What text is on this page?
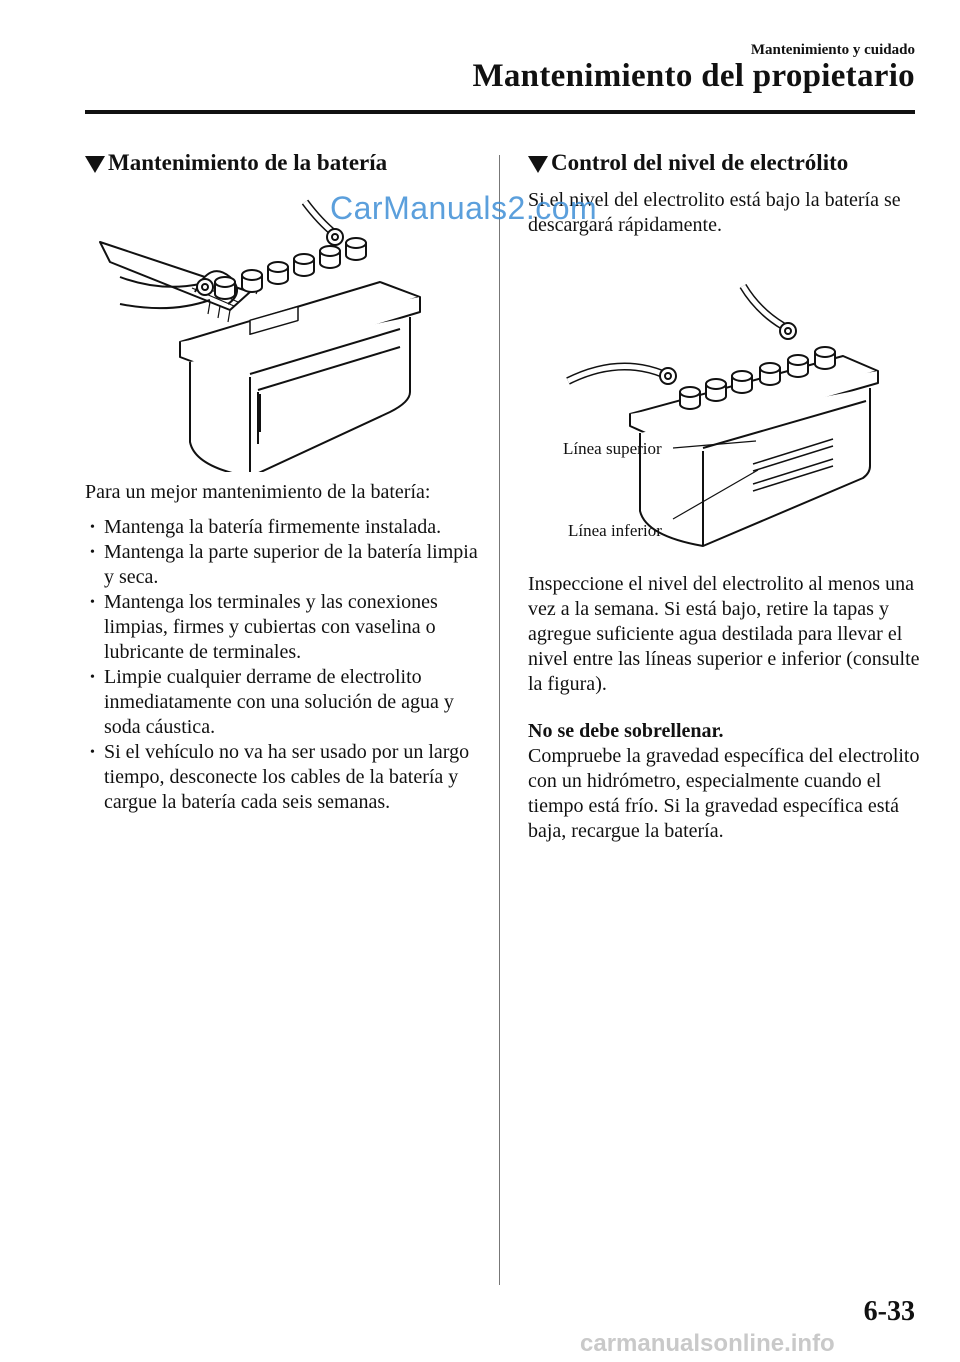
Mantenimiento y cuidado
Mantenimiento del propietario
Mantenimiento de la batería
Para un mejor mantenimiento de la batería:
• Mantenga la batería firmemente instalada.
• Mantenga la parte superior de la batería limpia y seca.
• Mantenga los terminales y las conexiones limpias, firmes y cubiertas con vaselina o lubricante de terminales.
• Limpie cualquier derrame de electrolito inmediatamente con una solución de agua y soda cáustica.
• Si el vehículo no va ha ser usado por un largo tiempo, desconecte los cables de la batería y cargue la batería cada seis semanas.
Control del nivel de electrólito
Si el nivel del electrolito está bajo la batería se descargará rápidamente.
Línea superior
Línea inferior
Inspeccione el nivel del electrolito al menos una vez a la semana. Si está bajo, retire la tapas y agregue suficiente agua destilada para llevar el nivel entre las líneas superior e inferior (consulte la figura).
No se debe sobrellenar.
Compruebe la gravedad específica del electrolito con un hidrómetro, especialmente cuando el tiempo está frío. Si la gravedad específica está baja, recargue la batería.
6-33
CarManuals2.com
carmanualsonline.info
